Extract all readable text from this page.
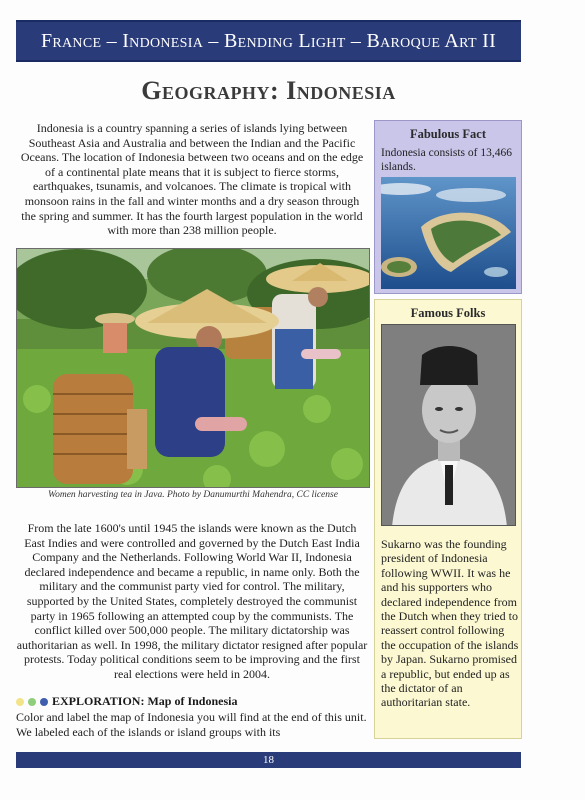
France – Indonesia – Bending Light – Baroque Art II
Geography: Indonesia
Indonesia is a country spanning a series of islands lying between Southeast Asia and Australia and between the Indian and the Pacific Oceans. The location of Indonesia between two oceans and on the edge of a continental plate means that it is subject to fierce storms, earthquakes, tsunamis, and volcanoes. The climate is tropical with monsoon rains in the fall and winter months and a dry season through the spring and summer. It has the fourth largest population in the world with more than 238 million people.
Women harvesting tea in Java. Photo by Danumurthi Mahendra, CC license
From the late 1600's until 1945 the islands were known as the Dutch East Indies and were controlled and governed by the Dutch East India Company and the Netherlands. Following World War II, Indonesia declared independence and became a republic, in name only. Both the military and the communist party vied for control. The military, supported by the United States, completely destroyed the communist party in 1965 following an attempted coup by the communists. The conflict killed over 500,000 people. The military dictatorship was authoritarian as well. In 1998, the military dictator resigned after popular protests. Today political conditions seem to be improving and the first real elections were held in 2004.
EXPLORATION: Map of Indonesia
Color and label the map of Indonesia you will find at the end of this unit. We labeled each of the islands or island groups with its
Fabulous Fact
Indonesia consists of 13,466 islands.
Famous Folks
Sukarno was the founding president of Indonesia following WWII. It was he and his supporters who declared independence from the Dutch when they tried to reassert control following the occupation of the islands by Japan. Sukarno promised a republic, but ended up as the dictator of an authoritarian state.
18
